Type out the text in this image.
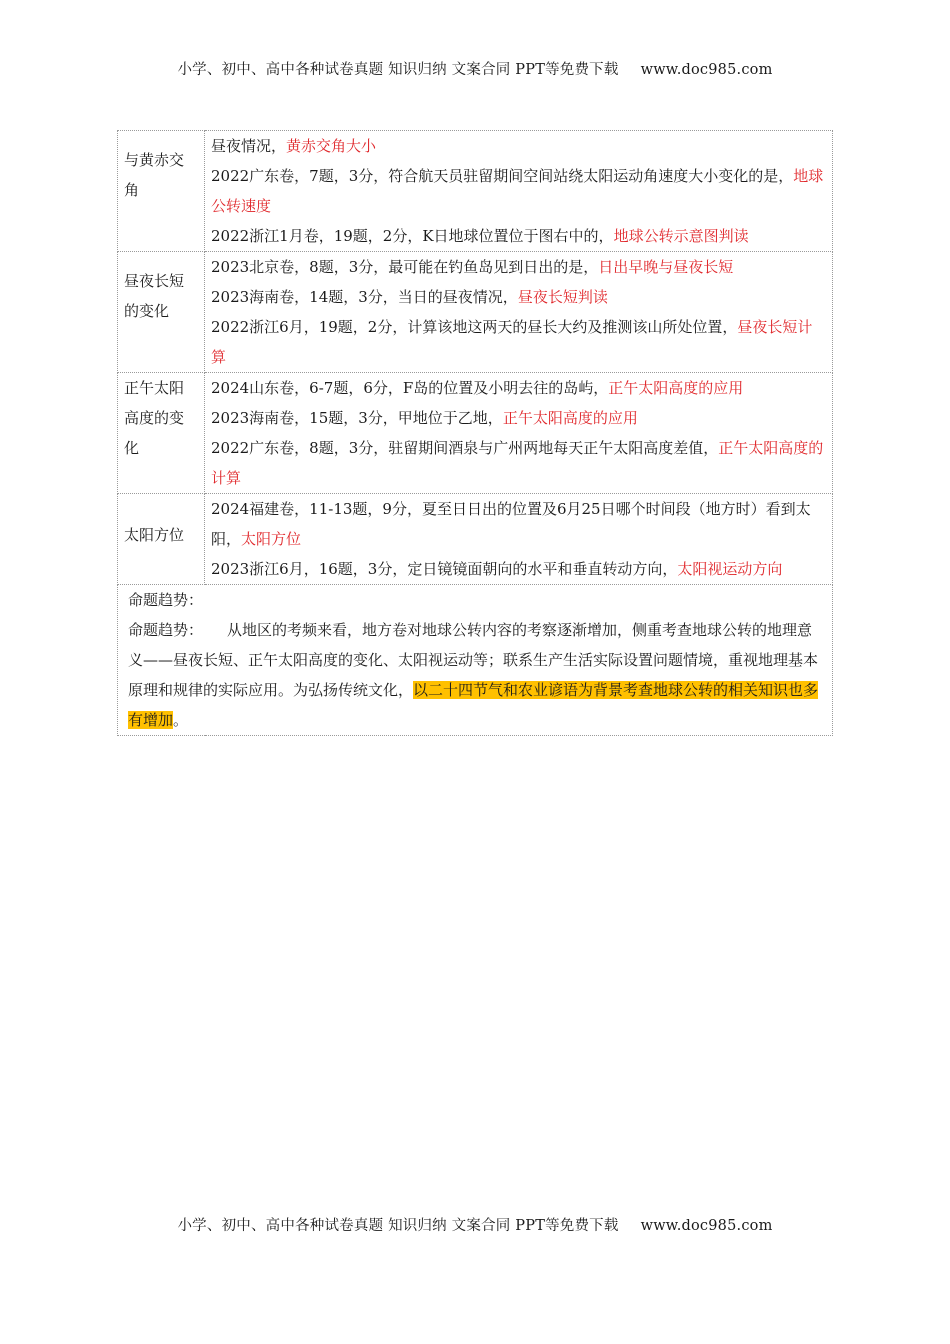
小学、初中、高中各种试卷真题 知识归纳 文案合同 PPT等免费下载 www.doc985.com
与黄赤交角	昼夜情况，黄赤交角大小
2022广东卷，7题，3分，符合航天员驻留期间空间站绕太阳运动角速度大小变化的是，地球公转速度
2022浙江1月卷，19题，2分，K日地球位置位于图右中的，地球公转示意图判读

昼夜长短的变化	2023北京卷，8题，3分，最可能在钓鱼岛见到日出的是，日出早晚与昼夜长短
2023海南卷，14题，3分，当日的昼夜情况，昼夜长短判读
2022浙江6月，19题，2分，计算该地这两天的昼长大约及推测该山所处位置，昼夜长短计算

正午太阳高度的变化	2024山东卷，6-7题，6分，F岛的位置及小明去往的岛屿，正午太阳高度的应用
2023海南卷，15题，3分，甲地位于乙地，正午太阳高度的应用
2022广东卷，8题，3分，驻留期间酒泉与广州两地每天正午太阳高度差值，正午太阳高度的计算

太阳方位	2024福建卷，11-13题，9分，夏至日日出的位置及6月25日哪个时间段（地方时）看到太阳，太阳方位
2023浙江6月，16题，3分，定日镜镜面朝向的水平和垂直转动方向，太阳视运动方向

命题趋势：
命题趋势： 从地区的考频来看，地方卷对地球公转内容的考察逐渐增加，侧重考查地球公转的地理意义——昼夜长短、正午太阳高度的变化、太阳视运动等；联系生产生活实际设置问题情境，重视地理基本原理和规律的实际应用。为弘扬传统文化，以二十四节气和农业谚语为背景考查地球公转的相关知识也多有增加。	
小学、初中、高中各种试卷真题 知识归纳 文案合同 PPT等免费下载 www.doc985.com
